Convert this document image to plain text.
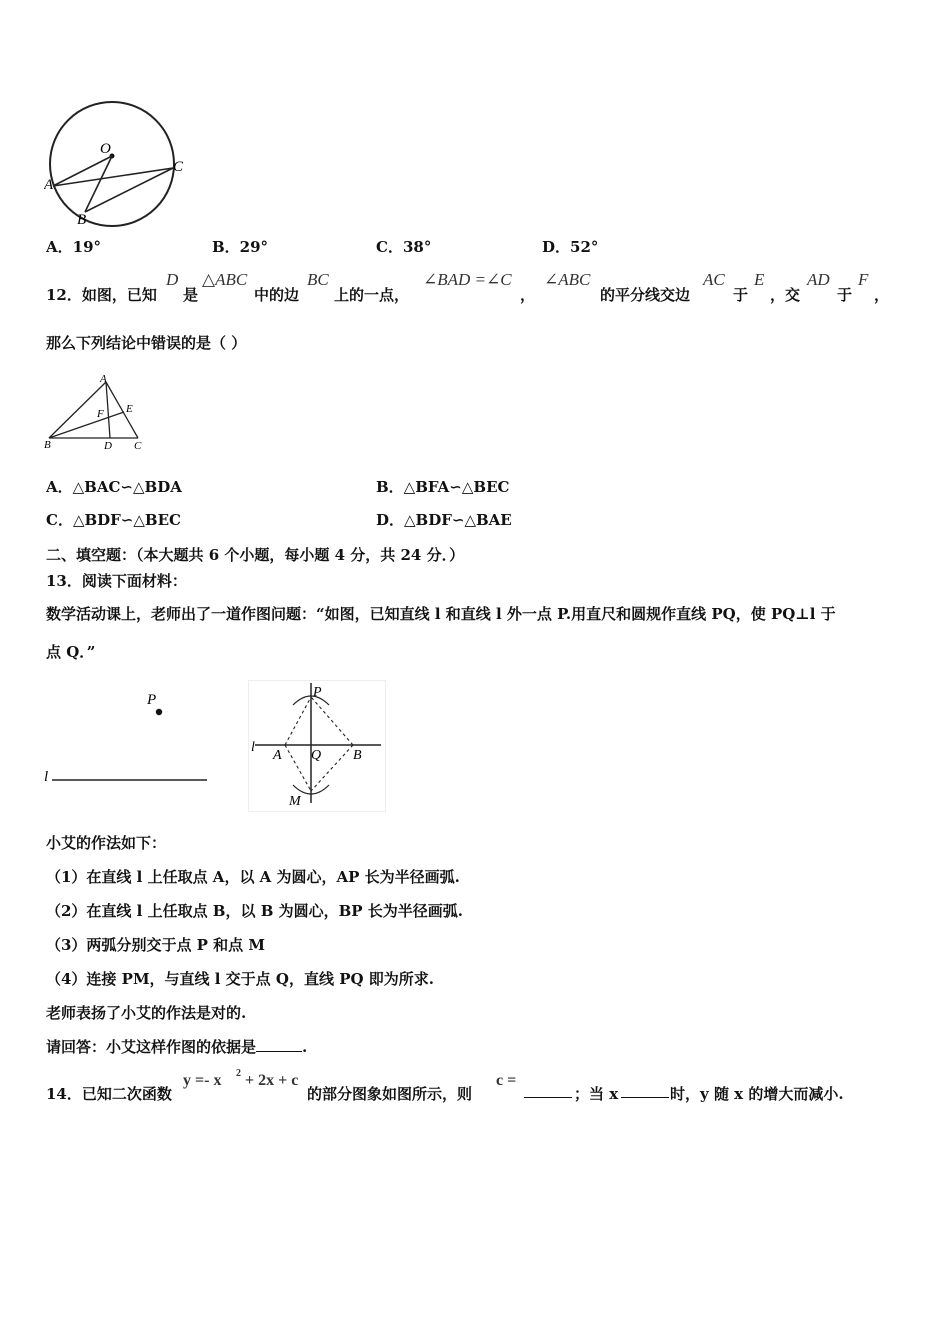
O
A
B
C
A．19°	B．29°	C．38°	D．52°
12．如图，已知
D
是
△ABC
中的边
BC
上的一点，
∠BAD =∠C
，
∠ABC
的平分线交边
AC
于
E
，交
AD
于
F
，
那么下列结论中错误的是（ ）
A
B	C
D
E
F
A．△BAC∽△BDA	B．△BFA∽△BEC
C．△BDF∽△BEC	D．△BDF∽△BAE
二、填空题：（本大题共 6 个小题，每小题 4 分，共 24 分．）
13．阅读下面材料：
数学活动课上，老师出了一道作图问题：“如图，已知直线 l 和直线 l 外一点 P.用直尺和圆规作直线 PQ，使 PQ⊥l 于
点 Q．”
P
l
P
l
A Q B
M
小艾的作法如下：
（1）在直线 l 上任取点 A，以 A 为圆心，AP 长为半径画弧.
（2）在直线 l 上任取点 B，以 B 为圆心，BP 长为半径画弧.
（3）两弧分别交于点 P 和点 M
（4）连接 PM，与直线 l 交于点 Q，直线 PQ 即为所求.
老师表扬了小艾的作法是对的.
请回答：小艾这样作图的依据是	.
14．已知二次函数
y =- x 2 + 2x + c
的部分图象如图所示，则
c =
；当 x	时，y 随 x 的增大而减小.
